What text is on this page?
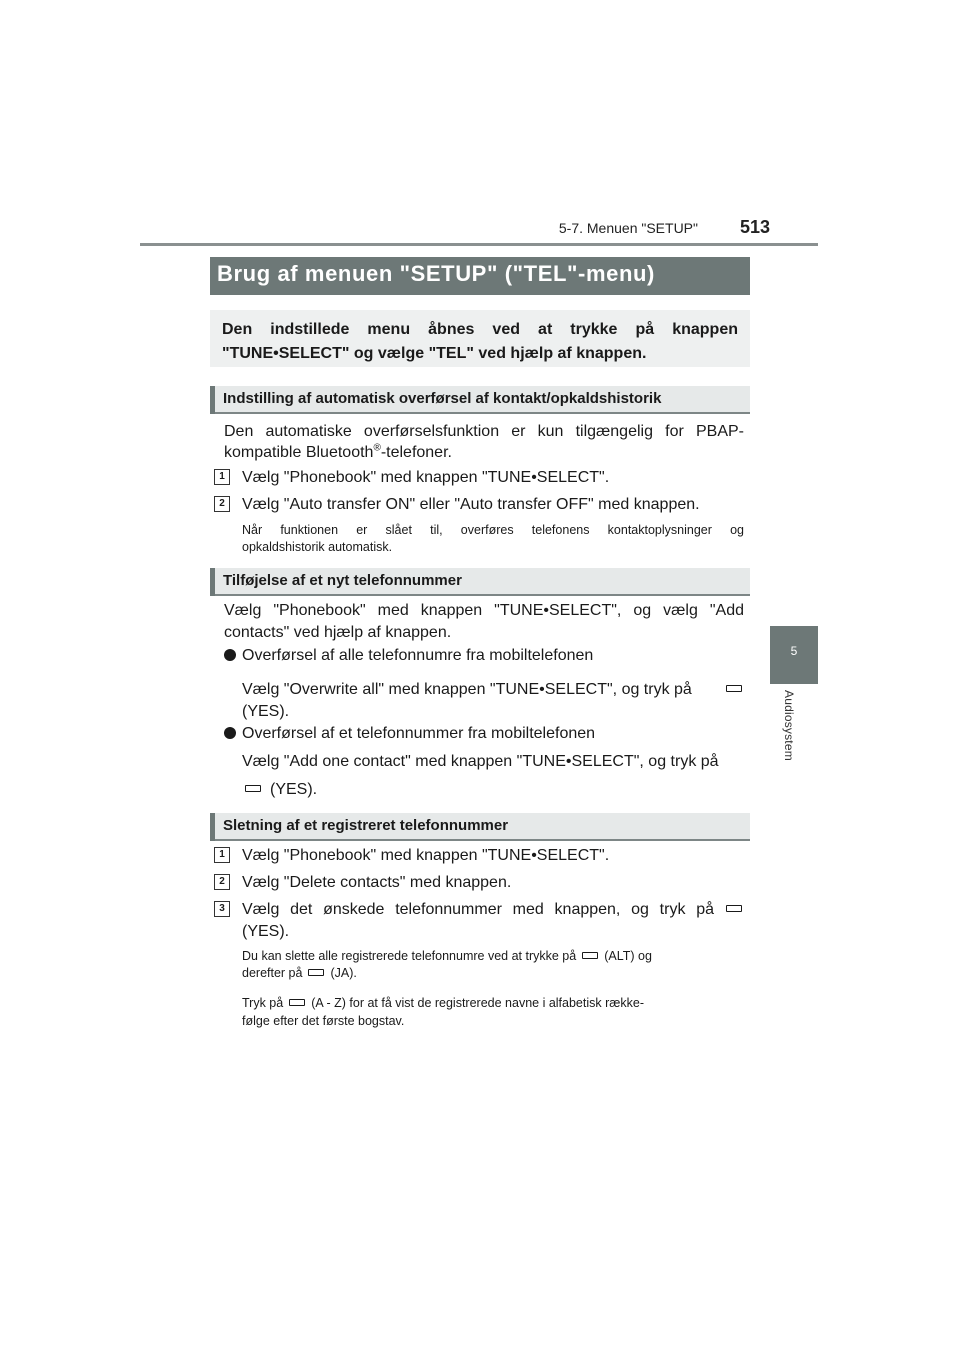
5-7. Menuen "SETUP" 513
5
Audiosystem
Brug af menuen "SETUP" ("TEL"-menu)

Den indstillede menu åbnes ved at trykke på knappen "TUNE•SELECT" og vælge "TEL" ved hjælp af knappen.

Indstilling af automatisk overførsel af kontakt/opkaldshistorik
Den automatiske overførselsfunktion er kun tilgængelig for PBAP-
kompatible Bluetooth®-telefoner.
1	Vælg "Phonebook" med knappen "TUNE•SELECT".
2	Vælg "Auto transfer ON" eller "Auto transfer OFF" med knappen.
Når funktionen er slået til, overføres telefonens kontaktoplysninger og
opkaldshistorik automatisk.
Tilføjelse af et nyt telefonnummer
Vælg "Phonebook" med knappen "TUNE•SELECT", og vælg "Add
contacts" ved hjælp af knappen.
Overførsel af alle telefonnumre fra mobiltelefonen
Vælg "Overwrite all" med knappen "TUNE•SELECT", og tryk på
(YES).
Overførsel af et telefonnummer fra mobiltelefonen
Vælg "Add one contact" med knappen "TUNE•SELECT", og tryk på
(YES).
Sletning af et registreret telefonnummer
1	Vælg "Phonebook" med knappen "TUNE•SELECT".
2	Vælg "Delete contacts" med knappen.
3	Vælg det ønskede telefonnummer med knappen, og tryk på
(YES).
Du kan slette alle registrerede telefonnumre ved at trykke på (ALT) og
derefter på (JA).
Tryk på (A - Z) for at få vist de registrerede navne i alfabetisk række-
følge efter det første bogstav.
